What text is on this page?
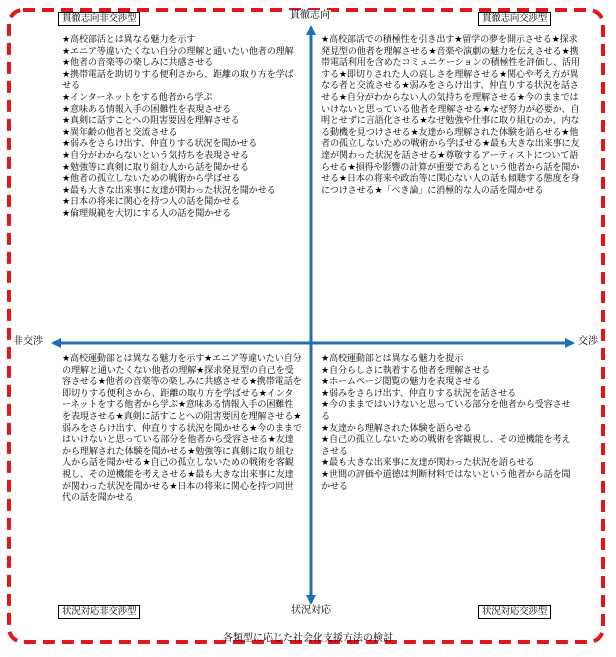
貫徹志向
状況対応
非交渉	交渉
貫徹志向非交渉型	貫徹志向交渉型
状況対応非交渉型	状況対応交渉型

★高校部活とは異なる魅力を示す

★エニア等違いたくない自分の理解と通いたい他者の理解

★他者の音楽等の楽しみに共感させる

★携帯電話を助切りする便利さから、距離の取り方を学ばせる

★インターネットをする他者から学ぶ

★意味ある情報入手の困難性を表現させる

★真剣に話すことへの阻害要因を理解させる

★異年齢の他者と交流させる

★弱みをさらけ出す、仲直りする状況を聞かせる

★自分がわからないという気持ちを表現させる

★勉強等に真剣に取り組む人から話を聞かせる

★他者の孤立しないための戦術から学ばせる

★最も大きな出来事に友達が関わった状況を聞かせる

★日本の将来に関心を持つ人の話を聞かせる

★倫理規範を大切にする人の話を聞かせる

★高校部活での積極性を引き出す

★留学の夢を開示させる

★探求発見型の他者を理解させる

★音楽や演劇の魅力を伝えさせる

★携帯電話利用を含めたコミュニケーションの積極性を評価し、活用する

★即切りされた人の哀しさを理解させる

★関心や考え方が異なる者と交流させる

★弱みをさらけ出す、仲直りする状況を話させる

★自分がわからない人の気持ちを理解させる

★今のままではいけないと思っている他者を理解させる

★なぜ努力が必要か、自明とせずに言語化させる

★なぜ勉強や仕事に取り組むのか、内なる動機を見つけさせる

★友達から理解された体験を語らせる

★他者の孤立しないための戦術から学ばせる

★最も大きな出来事に友達が関わった状況を話させる

★尊敬するアーティストについて語らせる

★損得や影響の計算が重要であるという他者から話を聞かせる

★日本の将来や政治等に関心ない人の話も傾聴する態度を身につけさせる

★「べき論」に消極的な人の話を聞かせる

★高校運動部とは異なる魅力を示す

★エニア等違いたい自分の理解と通いたくない他者の理解

★探求発見型の自己を受容させる

★他者の音楽等の楽しみに共感させる

★携帯電話を即切りする便利さから、距離の取り方を学ばせる

★インターネットをする他者から学ぶ

★意味ある情報入手の困難性を表現させる

★真剣に話すことへの阻害要因を理解させる

★弱みをさらけ出す、仲直りする状況を聞かせる

★今のままではいけないと思っている部分を他者から受容させる

★友達から理解された体験を聞かせる

★勉強等に真剣に取り組む人から話を聞かせる

★自己の孤立しないための戦術を客観視し、その逆機能を考えさせる

★最も大きな出来事に友達が関わった状況を聞かせる

★日本の将来に関心を持つ同世代の話を聞かせる

★高校運動部とは異なる魅力を提示

★自分らしさに執着する他者を理解させる

★ホームページ閲覧の魅力を表現させる

★弱みをさらけ出す、仲直りする状況を話させる

★今のままではいけないと思っている部分を他者から受容させる

★友達から理解された体験を語らせる

★自己の孤立しないための戦術を客観視し、その逆機能を考えさせる

★最も大きな出来事に友達が関わった状況を語らせる

★世間の評価や道徳は判断材料ではないという他者から話を聞かせる

各類型に応じた社会化支援方法の検討
